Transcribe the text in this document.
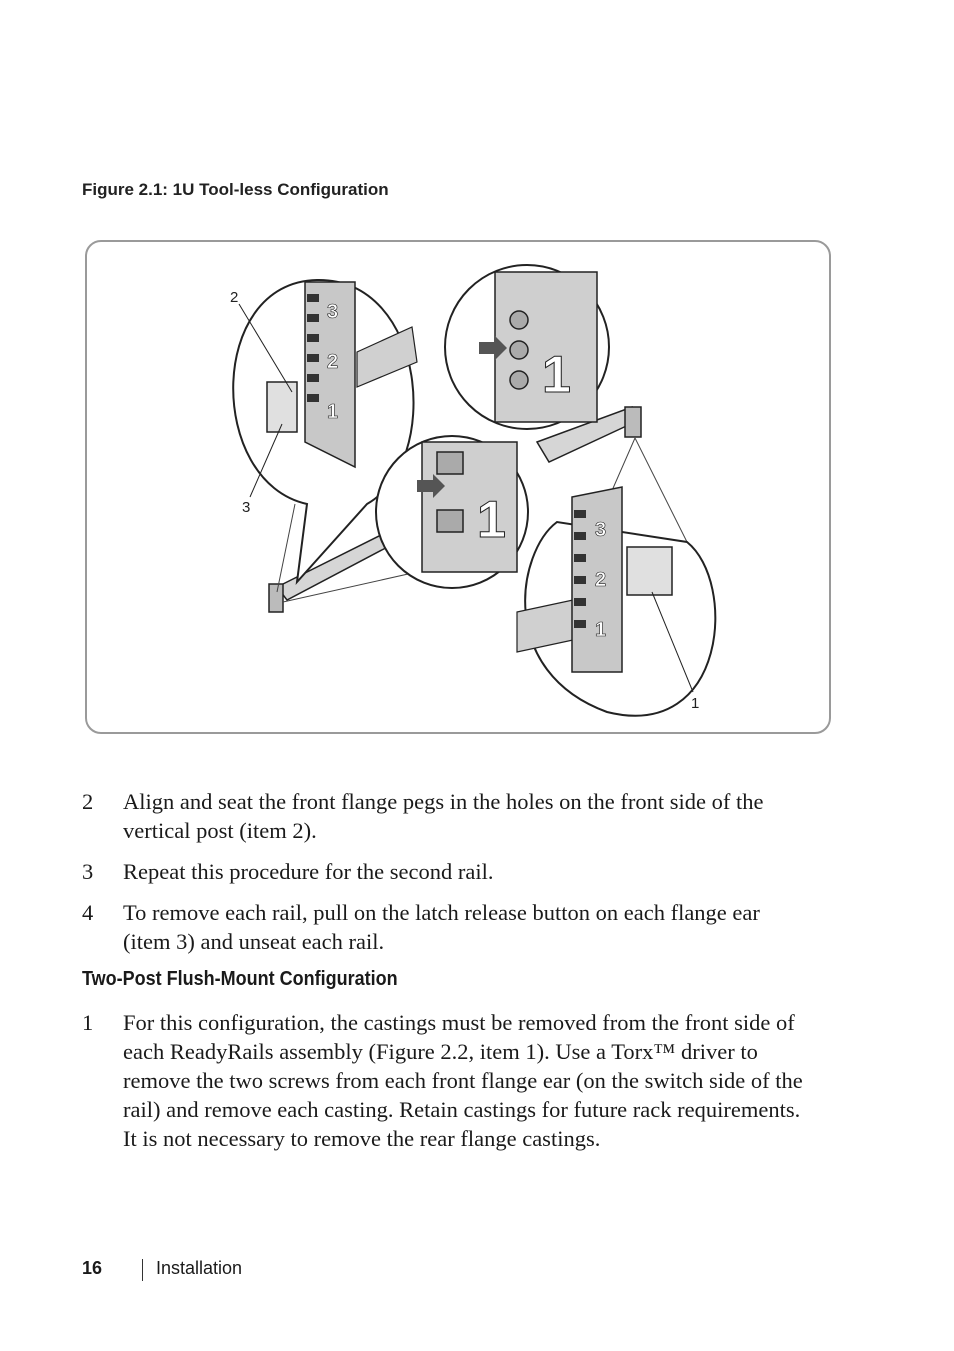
Figure 2.1: 1U Tool-less Configuration
3
2
1
1
1	3
2
1
2
3
1
2	Align and seat the front flange pegs in the holes on the front side of the
vertical post (item 2).
3	Repeat this procedure for the second rail.
4	To remove each rail, pull on the latch release button on each flange ear
(item 3) and unseat each rail.
Two-Post Flush-Mount Configuration
1	For this configuration, the castings must be removed from the front side of
each ReadyRails assembly (Figure 2.2, item 1). Use a Torx™ driver to
remove the two screws from each front flange ear (on the switch side of the
rail) and remove each casting. Retain castings for future rack requirements.
It is not necessary to remove the rear flange castings.
16	Installation
